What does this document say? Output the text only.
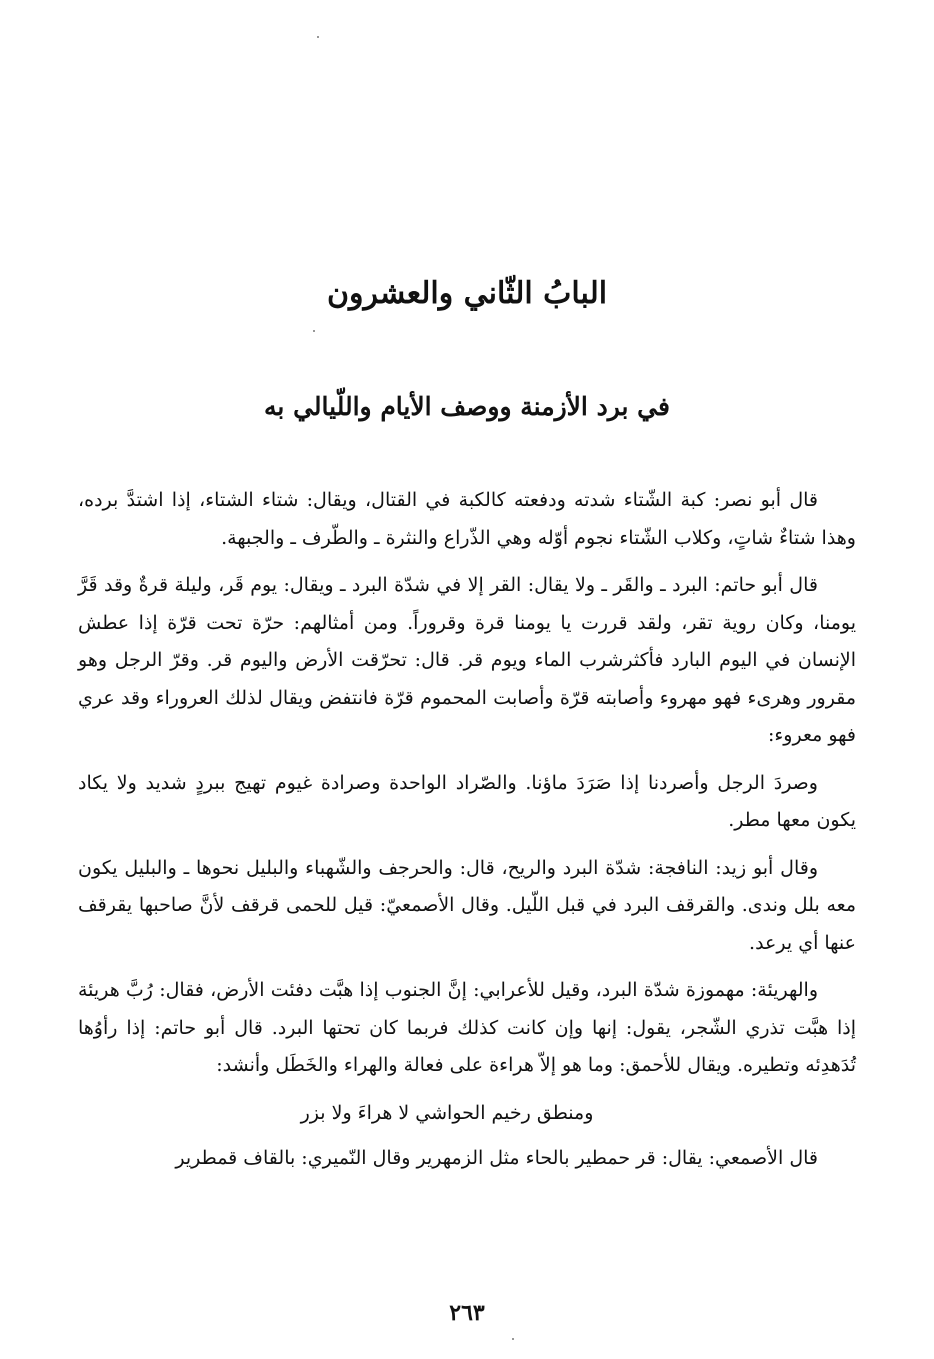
البابُ الثّاني والعشرون
في برد الأزمنة ووصف الأيام واللّيالي به

قال أبو نصر: كبة الشّتاء شدته ودفعته كالكبة في القتال، ويقال: شتاء الشتاء، إذا اشتدَّ برده، وهذا شتاءٌ شاتٍ، وكلاب الشّتاء نجوم أوّله وهي الذّراع والنثرة ـ والطّرف ـ والجبهة.

قال أبو حاتم: البرد ـ والقَر ـ ولا يقال: القر إلا في شدّة البرد ـ ويقال: يوم قَر، وليلة قرةٌ وقد قَرَّ يومنا، وكان روية تقر، ولقد قررت يا يومنا قرة وقروراً. ومن أمثالهم: حرّة تحت قرّة إذا عطش الإنسان في اليوم البارد فأكثرشرب الماء ويوم قر. قال: تحرّقت الأرض واليوم قر. وقرّ الرجل وهو مقرور وهرىء فهو مهروء وأصابته قرّة وأصابت المحموم قرّة فانتفض ويقال لذلك العروراء وقد عري فهو معروء:

وصردَ الرجل وأصردنا إذا صَرَدَ ماؤنا. والصّراد الواحدة وصرادة غيوم تهيج ببردٍ شديد ولا يكاد يكون معها مطر.

وقال أبو زيد: النافجة: شدّة البرد والريح، قال: والحرجف والشّهباء والبليل نحوها ـ والبليل يكون معه بلل وندى. والقرقف البرد في قبل اللّيل. وقال الأصمعيّ: قيل للحمى قرقف لأنَّ صاحبها يقرقف عنها أي يرعد.

والهريئة: مهموزة شدّة البرد، وقيل للأعرابي: إنَّ الجنوب إذا هبَّت دفئت الأرض، فقال: رُبَّ هريئة إذا هبَّت تذري الشّجر، يقول: إنها وإن كانت كذلك فربما كان تحتها البرد. قال أبو حاتم: إذا رأوُها تُدَهدِئه وتطيره. ويقال للأحمق: وما هو إلاّ هراءة على فعالة والهراء والخَطَل وأنشد:

ومنطق رخيم الحواشي لا هراءَ ولا بزر

قال الأصمعي: يقال: قر حمطير بالحاء مثل الزمهرير وقال النّميري: بالقاف قمطرير

٢٦٣
